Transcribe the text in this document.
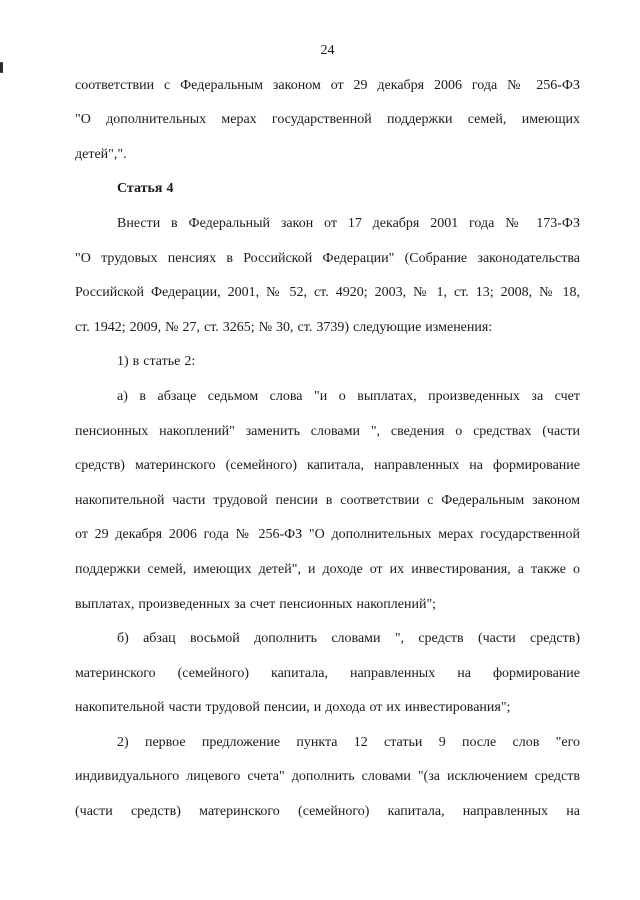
24
соответствии с Федеральным законом от 29 декабря 2006 года № 256-ФЗ
"О дополнительных мерах государственной поддержки семей, имеющих
детей",".
Статья 4
Внести в Федеральный закон от 17 декабря 2001 года № 173-ФЗ
"О трудовых пенсиях в Российской Федерации" (Собрание законодательства
Российской Федерации, 2001, № 52, ст. 4920; 2003, № 1, ст. 13; 2008, № 18,
ст. 1942; 2009, № 27, ст. 3265; № 30, ст. 3739) следующие изменения:
1) в статье 2:
а) в абзаце седьмом слова "и о выплатах, произведенных за счет
пенсионных накоплений" заменить словами ", сведения о средствах (части
средств) материнского (семейного) капитала, направленных на формирование
накопительной части трудовой пенсии в соответствии с Федеральным законом
от 29 декабря 2006 года № 256-ФЗ "О дополнительных мерах государственной
поддержки семей, имеющих детей", и доходе от их инвестирования, а также о
выплатах, произведенных за счет пенсионных накоплений";
б) абзац восьмой дополнить словами ", средств (части средств)
материнского (семейного) капитала, направленных на формирование
накопительной части трудовой пенсии, и дохода от их инвестирования";
2) первое предложение пункта 12 статьи 9 после слов "его
индивидуального лицевого счета" дополнить словами "(за исключением средств
(части средств) материнского (семейного) капитала, направленных на
